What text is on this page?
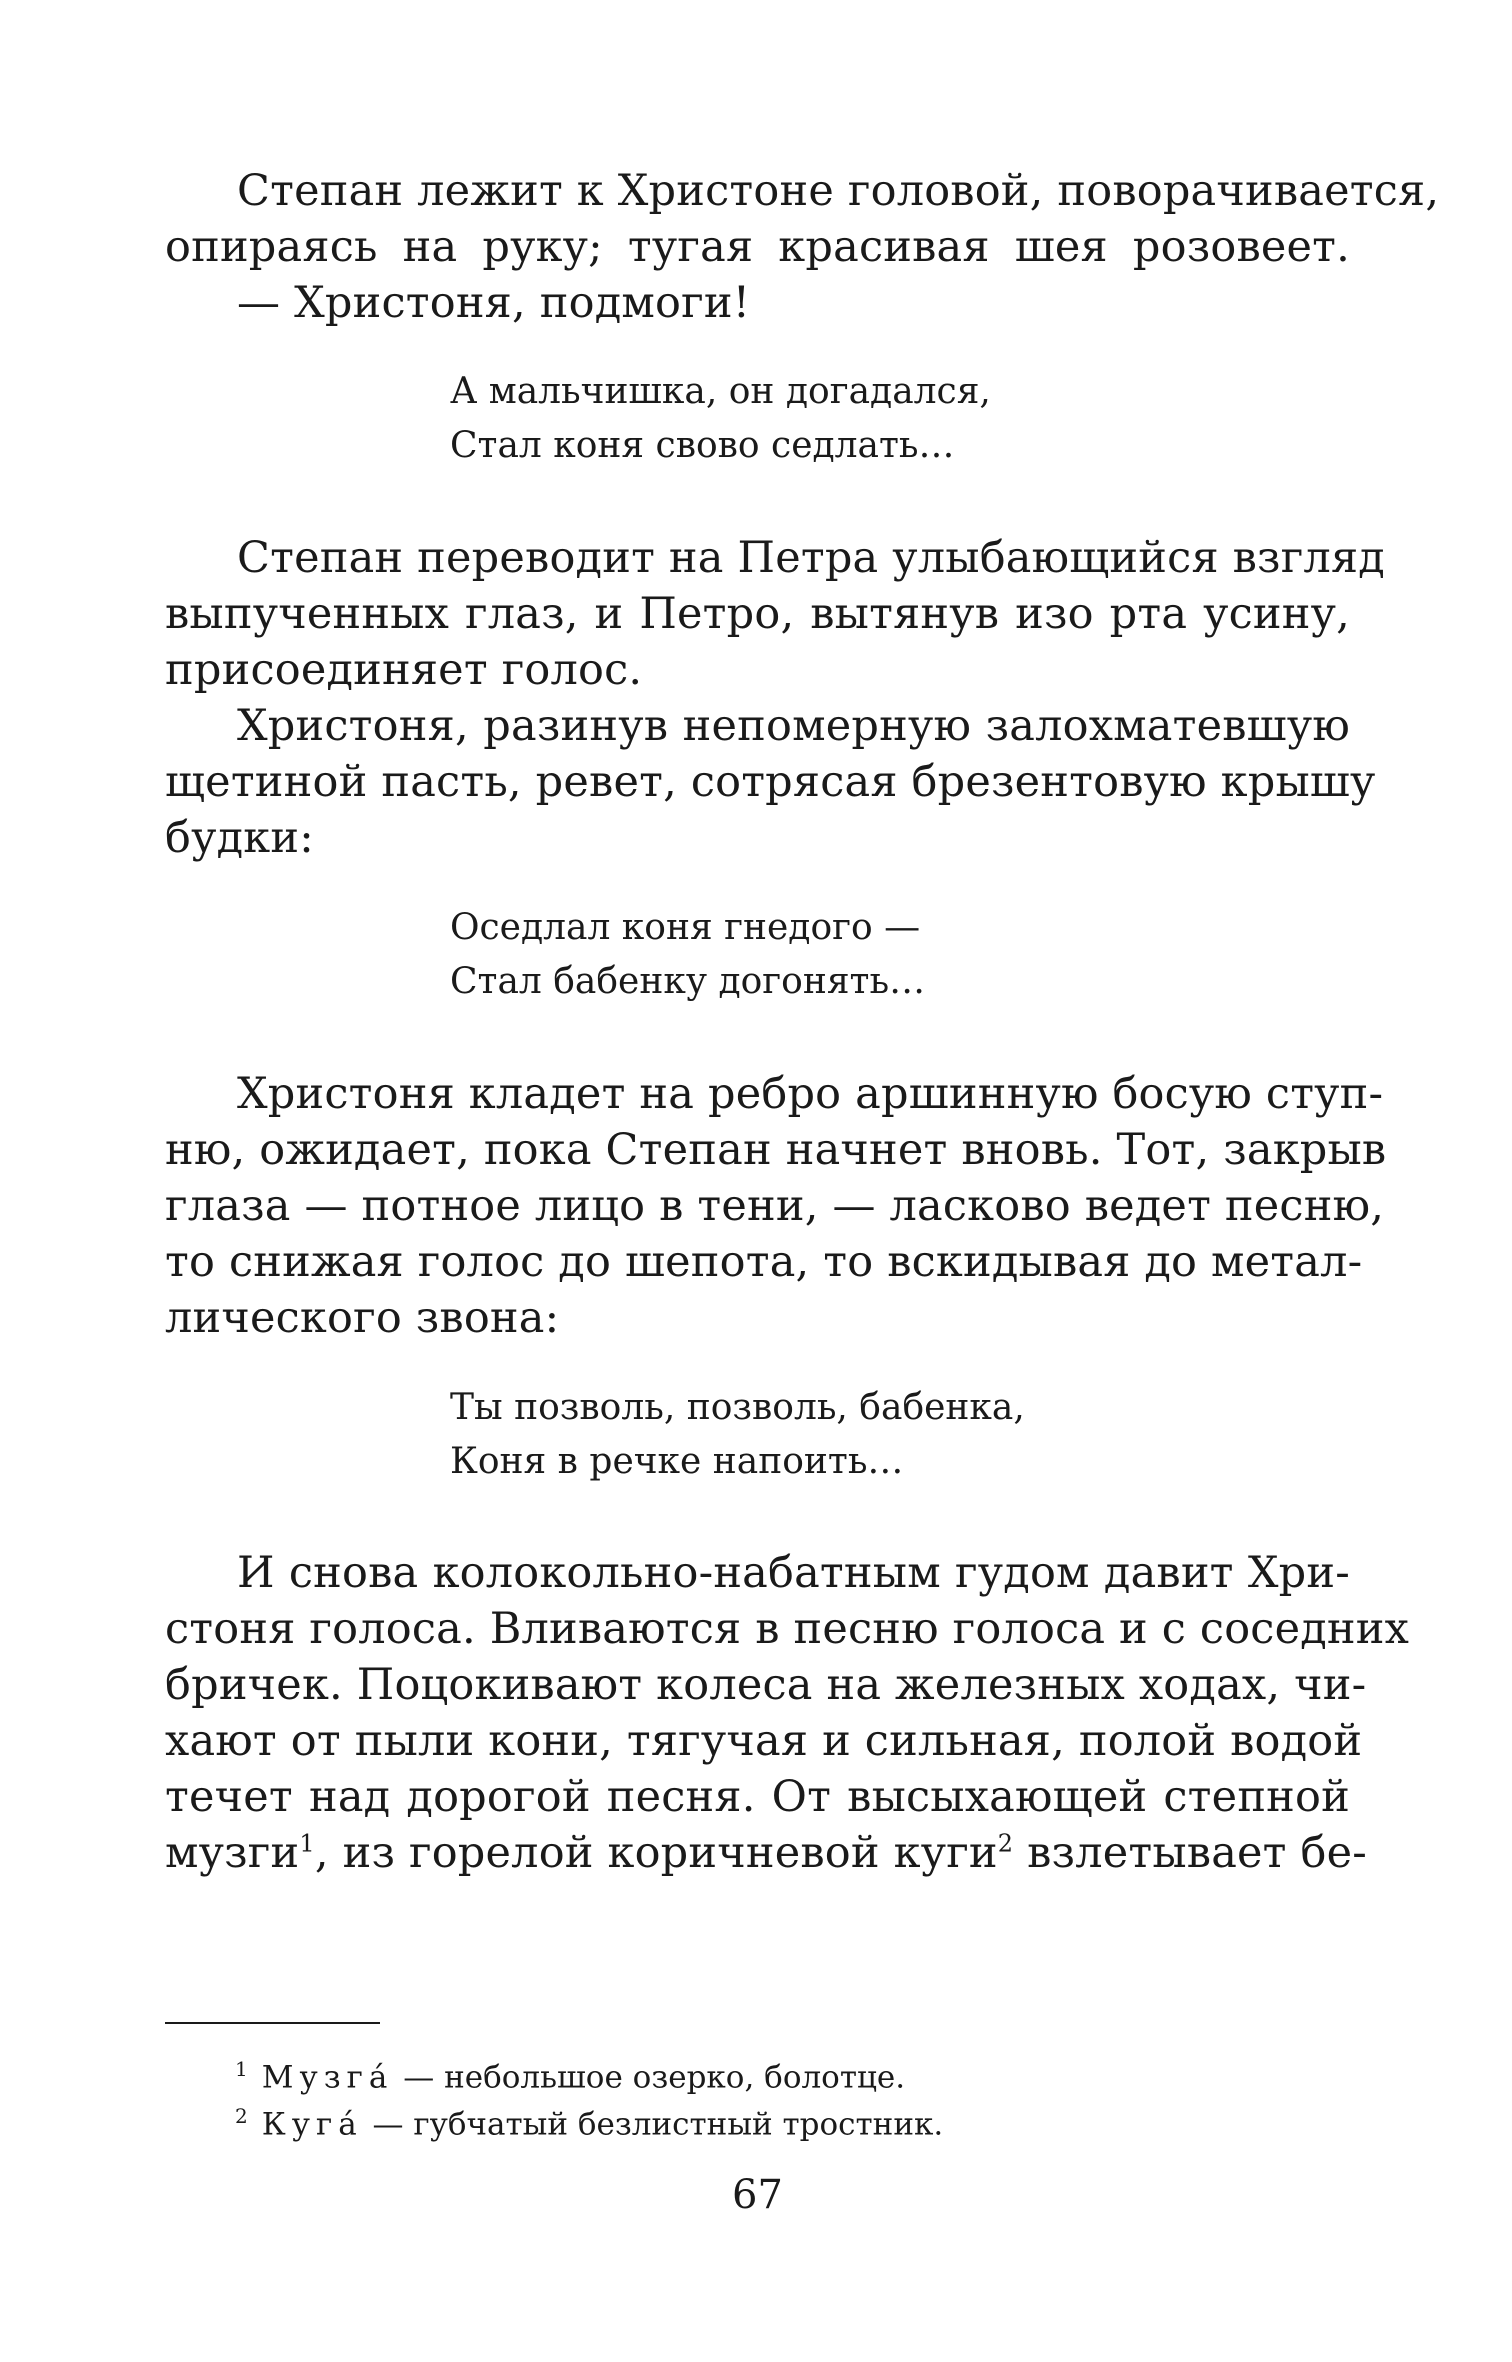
Степан лежит к Христоне головой, поворачивается,
опираясь на руку; тугая красивая шея розовеет.
— Христоня, подмоги!
А мальчишка, он догадался,
Стал коня свово седлать…
Степан переводит на Петра улыбающийся взгляд
выпученных глаз, и Петро, вытянув изо рта усину,
присоединяет голос.
Христоня, разинув непомерную залохматевшую
щетиной пасть, ревет, сотрясая брезентовую крышу
будки:
Оседлал коня гнедого —
Стал бабенку догонять…
Христоня кладет на ребро аршинную босую ступ-
ню, ожидает, пока Степан начнет вновь. Тот, закрыв
глаза — потное лицо в тени, — ласково ведет песню,
то снижая голос до шепота, то вскидывая до метал-
лического звона:
Ты позволь, позволь, бабенка,
Коня в речке напоить…
И снова колокольно-набатным гудом давит Хри-
стоня голоса. Вливаются в песню голоса и с соседних
бричек. Поцокивают колеса на железных ходах, чи-
хают от пыли кони, тягучая и сильная, полой водой
течет над дорогой песня. От высыхающей степной
музги$^1$, из горелой коричневой куги$^2$ взлетывает бе-
$^1$ Музга́ — небольшое озерко, болотце.
$^2$ Куга́ — губчатый безлистный тростник.
67
